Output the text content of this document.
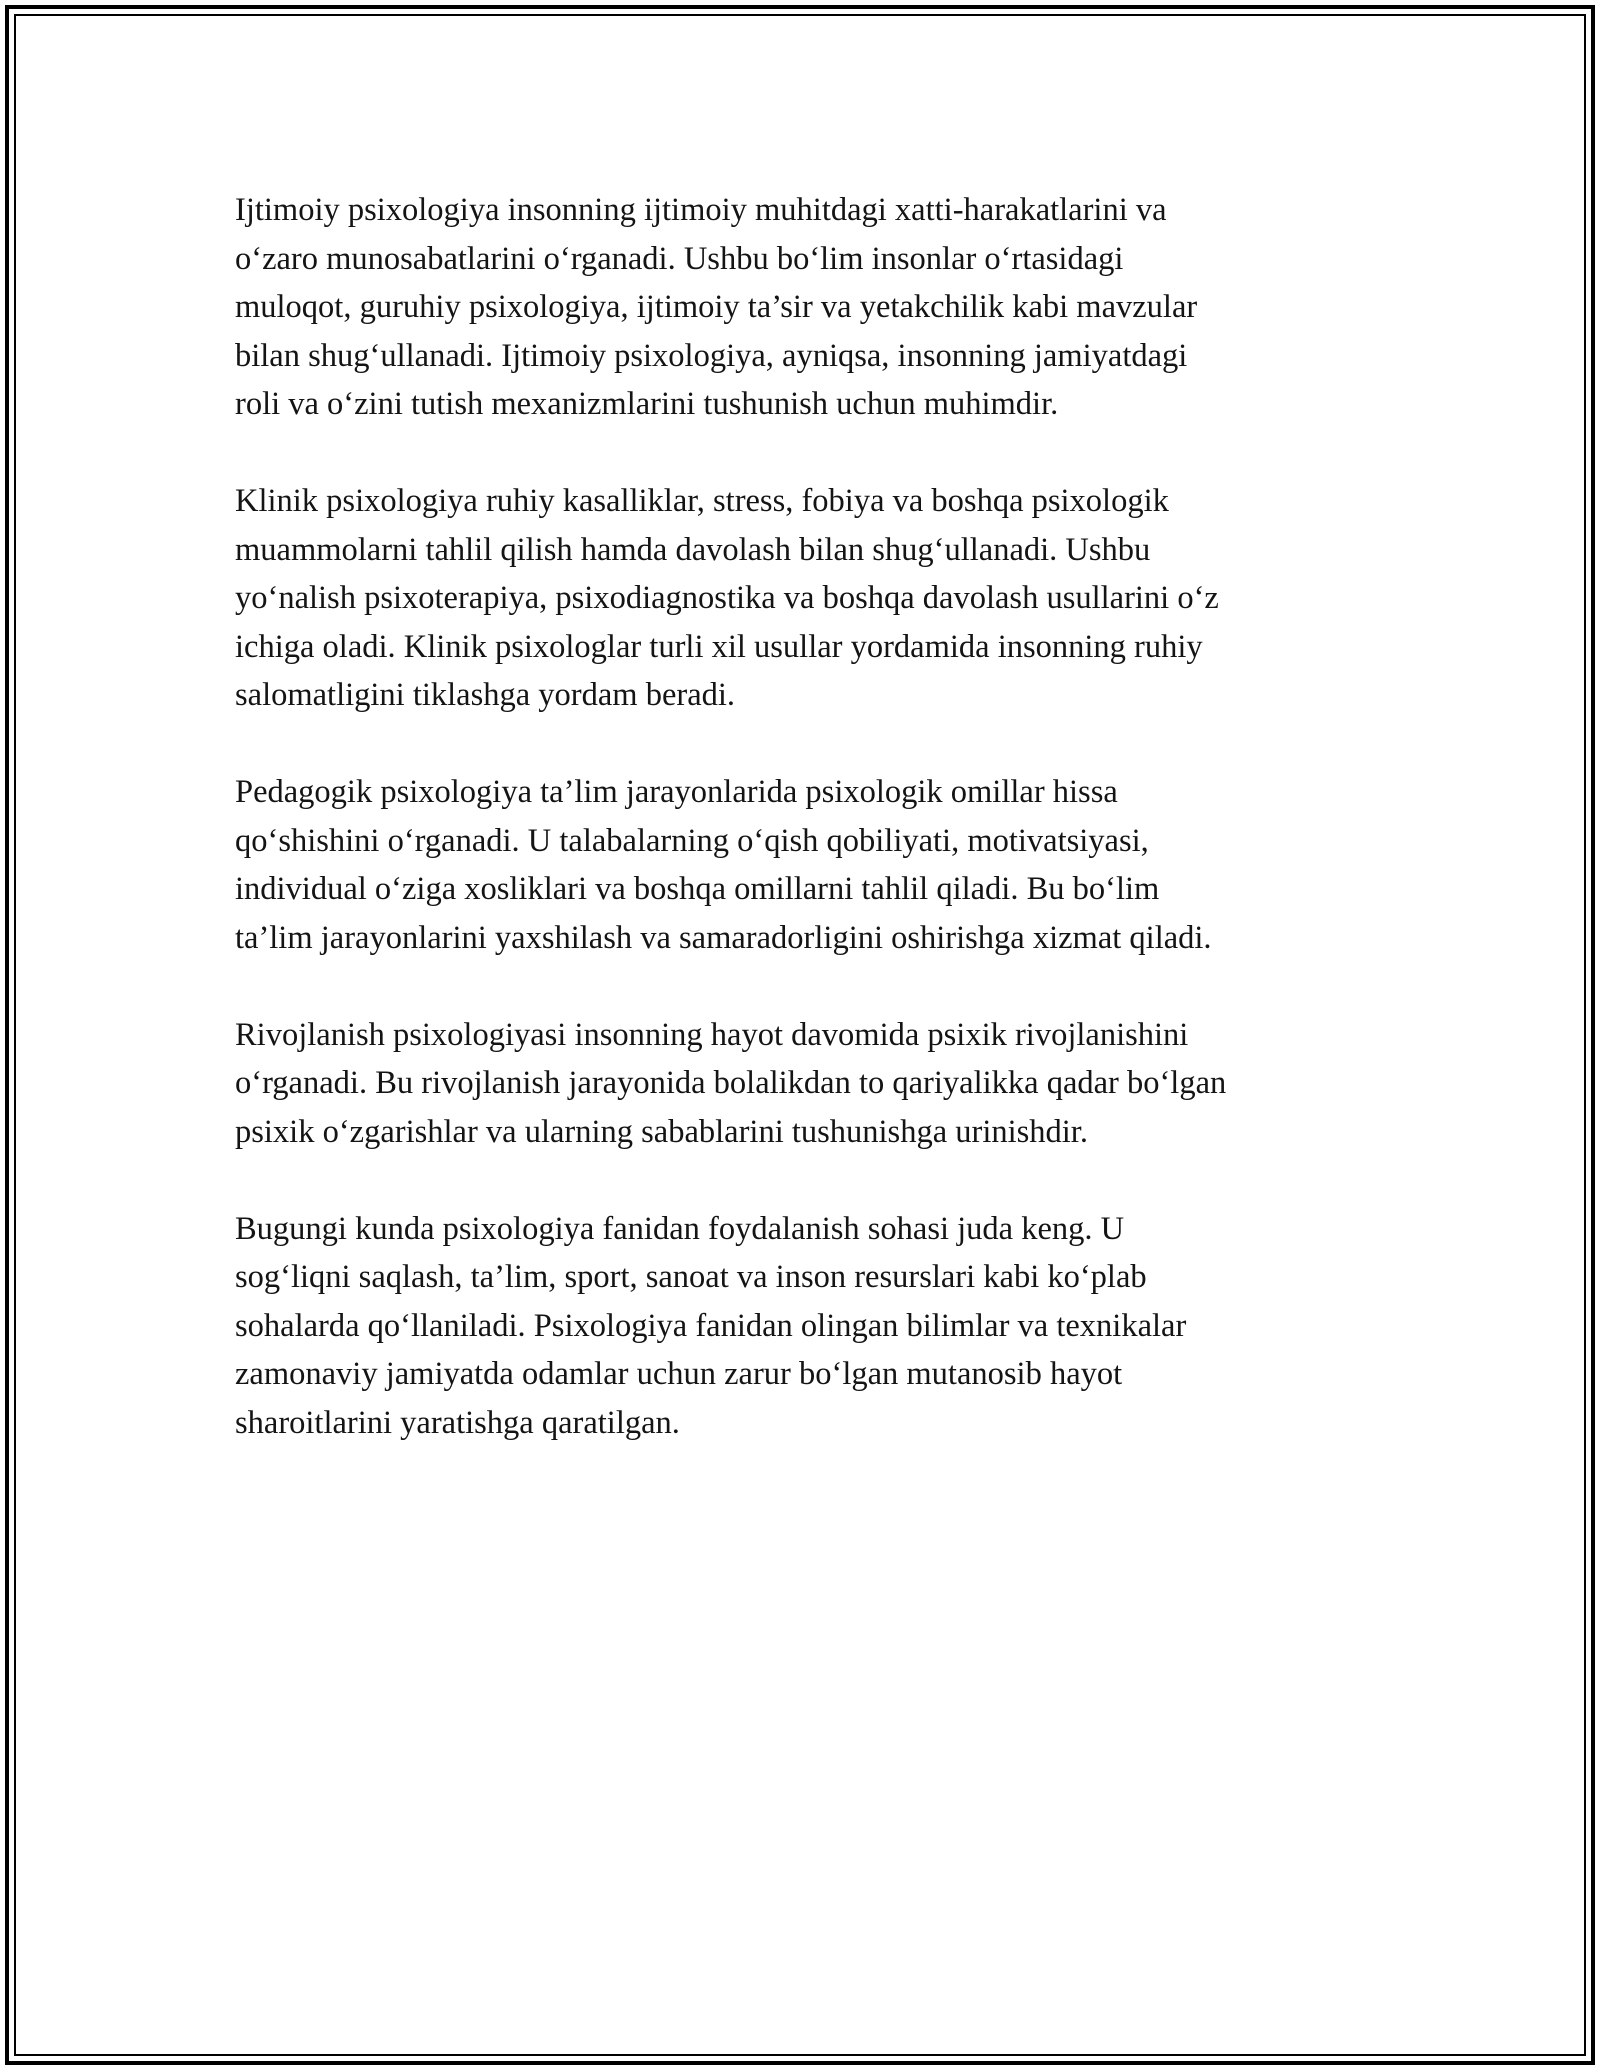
Ijtimoiy psixologiya insonning ijtimoiy muhitdagi xatti-harakatlarini va
o‘zaro munosabatlarini o‘rganadi. Ushbu bo‘lim insonlar o‘rtasidagi
muloqot, guruhiy psixologiya, ijtimoiy ta’sir va yetakchilik kabi mavzular
bilan shug‘ullanadi. Ijtimoiy psixologiya, ayniqsa, insonning jamiyatdagi
roli va o‘zini tutish mexanizmlarini tushunish uchun muhimdir.

Klinik psixologiya ruhiy kasalliklar, stress, fobiya va boshqa psixologik
muammolarni tahlil qilish hamda davolash bilan shug‘ullanadi. Ushbu
yo‘nalish psixoterapiya, psixodiagnostika va boshqa davolash usullarini o‘z
ichiga oladi. Klinik psixologlar turli xil usullar yordamida insonning ruhiy
salomatligini tiklashga yordam beradi.

Pedagogik psixologiya ta’lim jarayonlarida psixologik omillar hissa
qo‘shishini o‘rganadi. U talabalarning o‘qish qobiliyati, motivatsiyasi,
individual o‘ziga xosliklari va boshqa omillarni tahlil qiladi. Bu bo‘lim
ta’lim jarayonlarini yaxshilash va samaradorligini oshirishga xizmat qiladi.

Rivojlanish psixologiyasi insonning hayot davomida psixik rivojlanishini
o‘rganadi. Bu rivojlanish jarayonida bolalikdan to qariyalikka qadar bo‘lgan
psixik o‘zgarishlar va ularning sabablarini tushunishga urinishdir.

Bugungi kunda psixologiya fanidan foydalanish sohasi juda keng. U
sog‘liqni saqlash, ta’lim, sport, sanoat va inson resurslari kabi ko‘plab
sohalarda qo‘llaniladi. Psixologiya fanidan olingan bilimlar va texnikalar
zamonaviy jamiyatda odamlar uchun zarur bo‘lgan mutanosib hayot
sharoitlarini yaratishga qaratilgan.
